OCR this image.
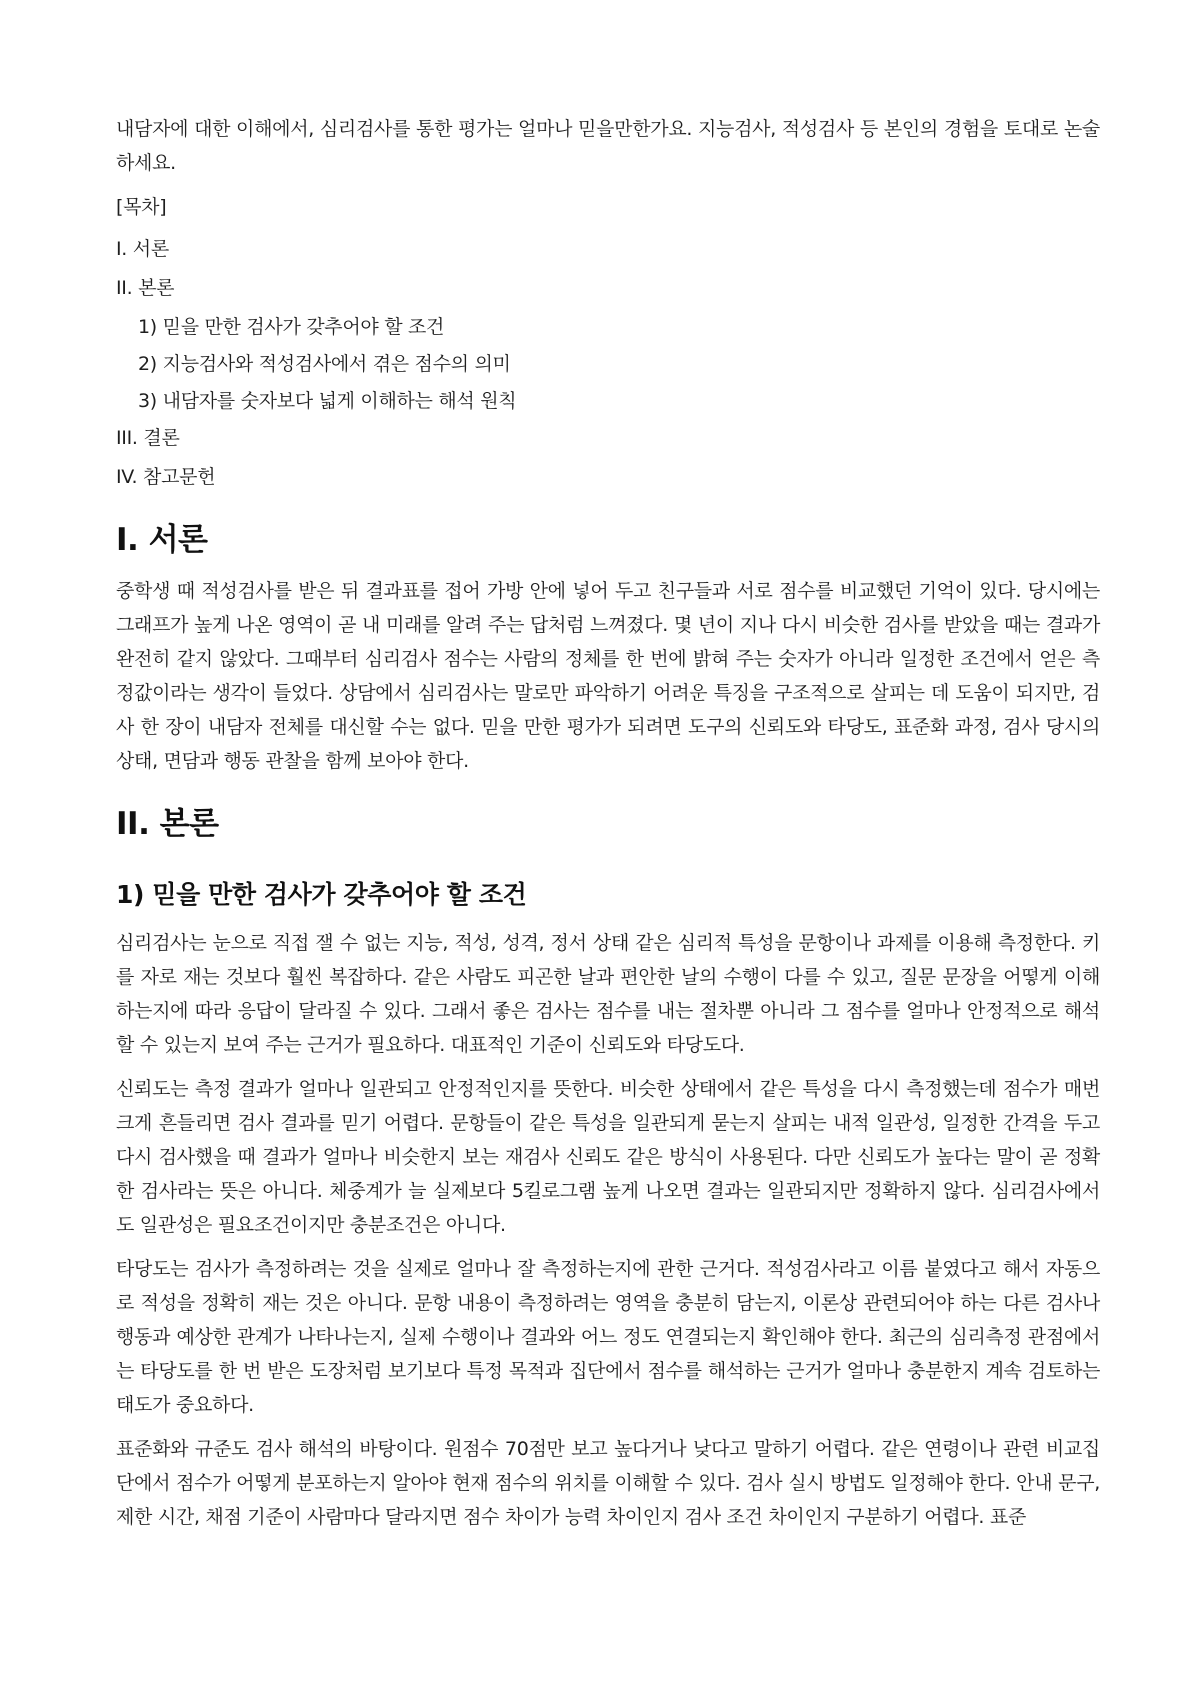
내담자에 대한 이해에서, 심리검사를 통한 평가는 얼마나 믿을만한가요. 지능검사, 적성검사 등 본인의 경험을 토대로 논술하세요.

[목차]

I. 서론

II. 본론

1) 믿을 만한 검사가 갖추어야 할 조건

2) 지능검사와 적성검사에서 겪은 점수의 의미

3) 내담자를 숫자보다 넓게 이해하는 해석 원칙

III. 결론

IV. 참고문헌

I. 서론

중학생 때 적성검사를 받은 뒤 결과표를 접어 가방 안에 넣어 두고 친구들과 서로 점수를 비교했던 기억이 있다. 당시에는 그래프가 높게 나온 영역이 곧 내 미래를 알려 주는 답처럼 느껴졌다. 몇 년이 지나 다시 비슷한 검사를 받았을 때는 결과가 완전히 같지 않았다. 그때부터 심리검사 점수는 사람의 정체를 한 번에 밝혀 주는 숫자가 아니라 일정한 조건에서 얻은 측정값이라는 생각이 들었다. 상담에서 심리검사는 말로만 파악하기 어려운 특징을 구조적으로 살피는 데 도움이 되지만, 검사 한 장이 내담자 전체를 대신할 수는 없다. 믿을 만한 평가가 되려면 도구의 신뢰도와 타당도, 표준화 과정, 검사 당시의 상태, 면담과 행동 관찰을 함께 보아야 한다.

II. 본론
1) 믿을 만한 검사가 갖추어야 할 조건

심리검사는 눈으로 직접 잴 수 없는 지능, 적성, 성격, 정서 상태 같은 심리적 특성을 문항이나 과제를 이용해 측정한다. 키를 자로 재는 것보다 훨씬 복잡하다. 같은 사람도 피곤한 날과 편안한 날의 수행이 다를 수 있고, 질문 문장을 어떻게 이해하는지에 따라 응답이 달라질 수 있다. 그래서 좋은 검사는 점수를 내는 절차뿐 아니라 그 점수를 얼마나 안정적으로 해석할 수 있는지 보여 주는 근거가 필요하다. 대표적인 기준이 신뢰도와 타당도다.

신뢰도는 측정 결과가 얼마나 일관되고 안정적인지를 뜻한다. 비슷한 상태에서 같은 특성을 다시 측정했는데 점수가 매번 크게 흔들리면 검사 결과를 믿기 어렵다. 문항들이 같은 특성을 일관되게 묻는지 살피는 내적 일관성, 일정한 간격을 두고 다시 검사했을 때 결과가 얼마나 비슷한지 보는 재검사 신뢰도 같은 방식이 사용된다. 다만 신뢰도가 높다는 말이 곧 정확한 검사라는 뜻은 아니다. 체중계가 늘 실제보다 5킬로그램 높게 나오면 결과는 일관되지만 정확하지 않다. 심리검사에서도 일관성은 필요조건이지만 충분조건은 아니다.

타당도는 검사가 측정하려는 것을 실제로 얼마나 잘 측정하는지에 관한 근거다. 적성검사라고 이름 붙였다고 해서 자동으로 적성을 정확히 재는 것은 아니다. 문항 내용이 측정하려는 영역을 충분히 담는지, 이론상 관련되어야 하는 다른 검사나 행동과 예상한 관계가 나타나는지, 실제 수행이나 결과와 어느 정도 연결되는지 확인해야 한다. 최근의 심리측정 관점에서는 타당도를 한 번 받은 도장처럼 보기보다 특정 목적과 집단에서 점수를 해석하는 근거가 얼마나 충분한지 계속 검토하는 태도가 중요하다.

표준화와 규준도 검사 해석의 바탕이다. 원점수 70점만 보고 높다거나 낮다고 말하기 어렵다. 같은 연령이나 관련 비교집단에서 점수가 어떻게 분포하는지 알아야 현재 점수의 위치를 이해할 수 있다. 검사 실시 방법도 일정해야 한다. 안내 문구, 제한 시간, 채점 기준이 사람마다 달라지면 점수 차이가 능력 차이인지 검사 조건 차이인지 구분하기 어렵다. 표준
